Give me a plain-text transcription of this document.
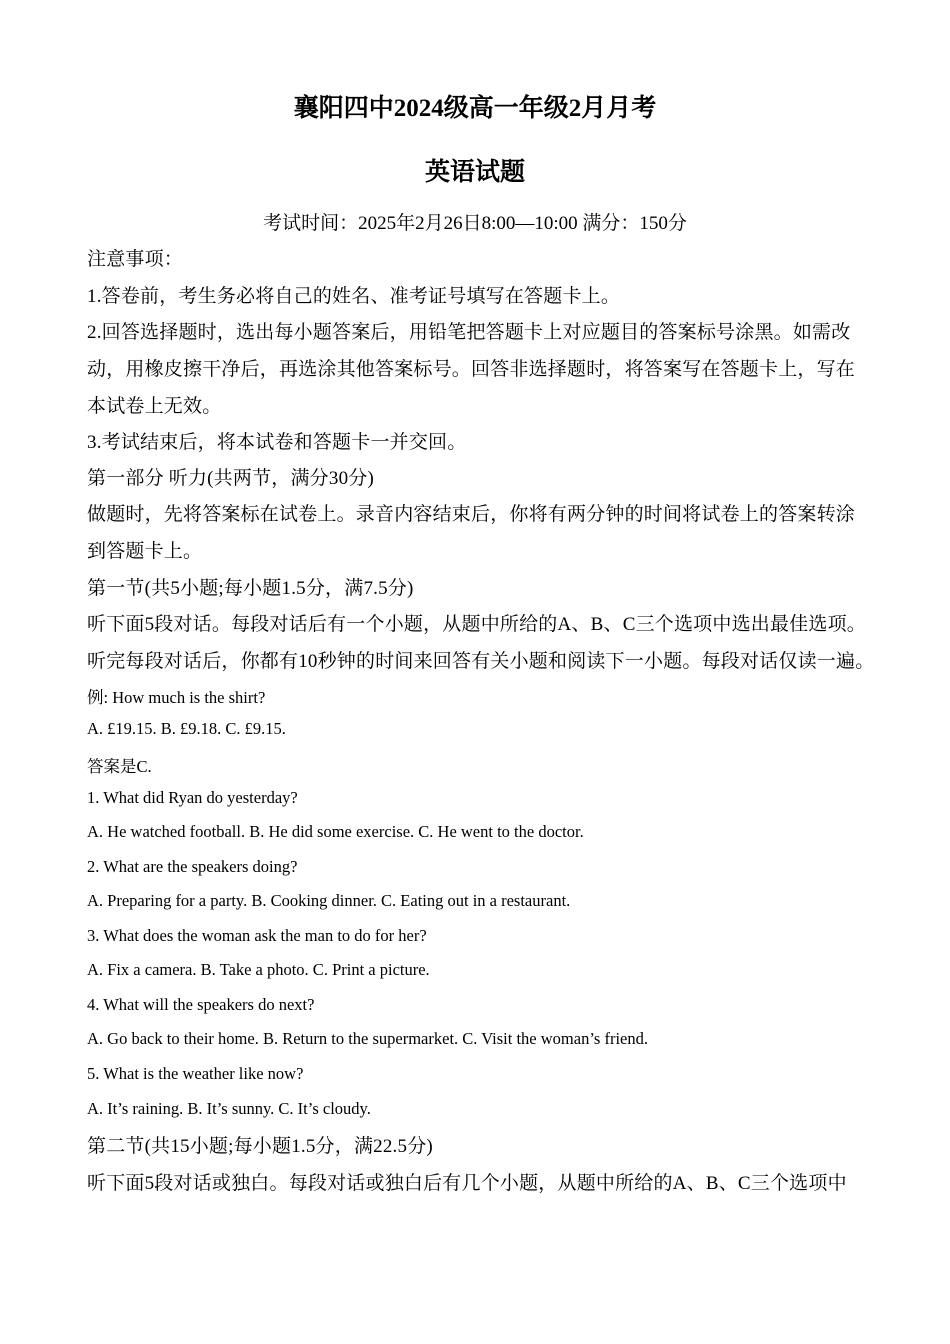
襄阳四中2024级高一年级2月月考
英语试题
考试时间：2025年2月26日8:00—10:00 满分：150分
注意事项：
1.答卷前，考生务必将自己的姓名、准考证号填写在答题卡上。
2.回答选择题时，选出每小题答案后，用铅笔把答题卡上对应题目的答案标号涂黑。如需改
动，用橡皮擦干净后，再选涂其他答案标号。回答非选择题时，将答案写在答题卡上，写在
本试卷上无效。
3.考试结束后，将本试卷和答题卡一并交回。
第一部分 听力(共两节，满分30分)
做题时，先将答案标在试卷上。录音内容结束后，你将有两分钟的时间将试卷上的答案转涂
到答题卡上。
第一节(共5小题;每小题1.5分，满7.5分)
听下面5段对话。每段对话后有一个小题，从题中所给的A、B、C三个选项中选出最佳选项。
听完每段对话后，你都有10秒钟的时间来回答有关小题和阅读下一小题。每段对话仅读一遍。
例: How much is the shirt?
A. £19.15. B. £9.18. C. £9.15.
答案是C.
1. What did Ryan do yesterday?
A. He watched football. B. He did some exercise. C. He went to the doctor.
2. What are the speakers doing?
A. Preparing for a party. B. Cooking dinner. C. Eating out in a restaurant.
3. What does the woman ask the man to do for her?
A. Fix a camera. B. Take a photo. C. Print a picture.
4. What will the speakers do next?
A. Go back to their home. B. Return to the supermarket. C. Visit the woman’s friend.
5. What is the weather like now?
A. It’s raining. B. It’s sunny. C. It’s cloudy.
第二节(共15小题;每小题1.5分，满22.5分)
听下面5段对话或独白。每段对话或独白后有几个小题，从题中所给的A、B、C三个选项中
